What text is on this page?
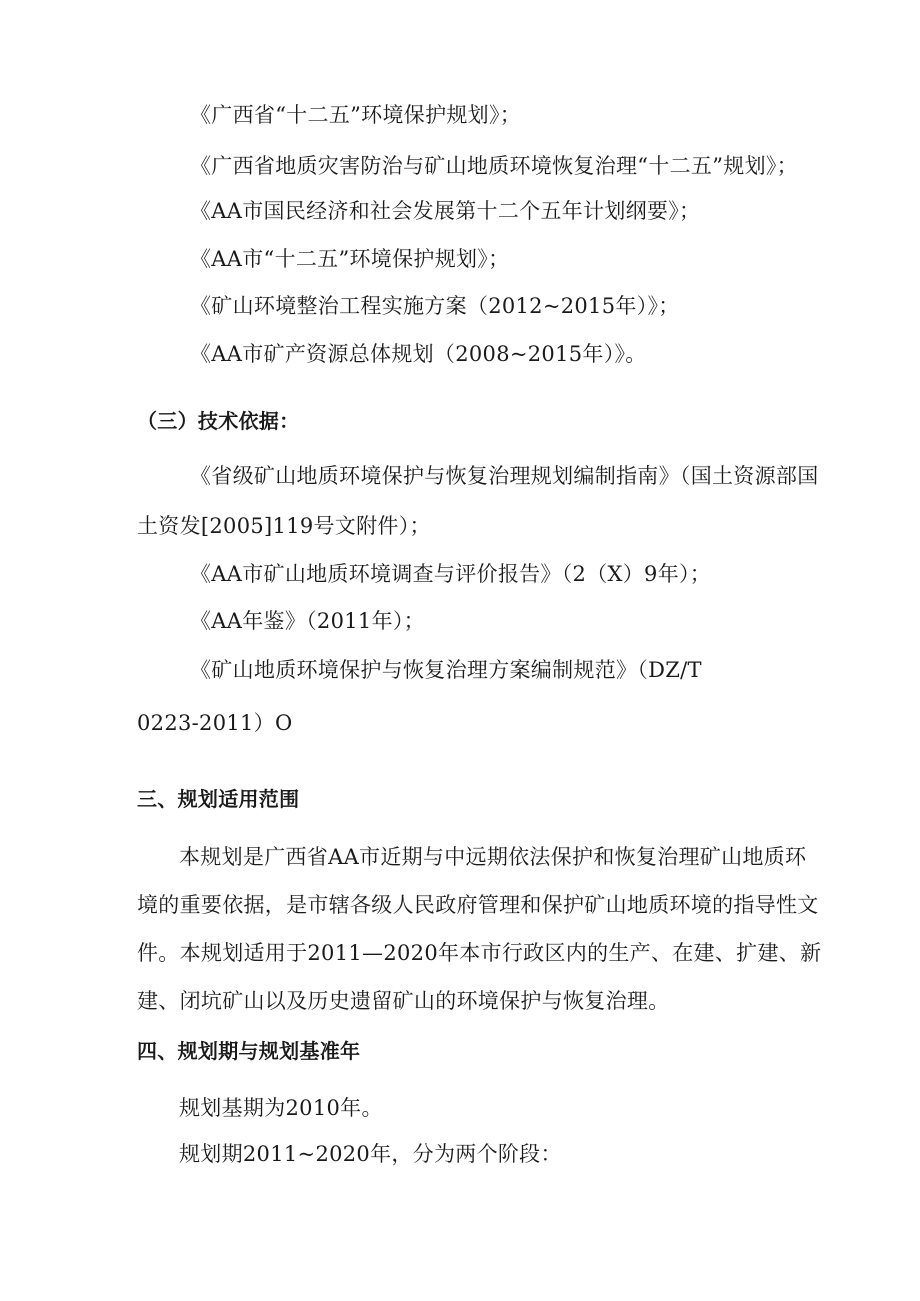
《广西省“十二五”环境保护规划》；
《广西省地质灾害防治与矿山地质环境恢复治理“十二五”规划》；
《AA市国民经济和社会发展第十二个五年计划纲要》；
《AA市“十二五”环境保护规划》；
《矿山环境整治工程实施方案（2012~2015年）》；
《AA市矿产资源总体规划（2008~2015年）》。
（三）技术依据：
《省级矿山地质环境保护与恢复治理规划编制指南》（国土资源部国
土资发[2005]119号文附件）；
《AA市矿山地质环境调查与评价报告》（2（X）9年）；
《AA年鉴》（2011年）；
《矿山地质环境保护与恢复治理方案编制规范》（DZ/T
0223-2011）O
三、规划适用范围
本规划是广西省AA市近期与中远期依法保护和恢复治理矿山地质环
境的重要依据，是市辖各级人民政府管理和保护矿山地质环境的指导性文
件。本规划适用于2011—2020年本市行政区内的生产、在建、扩建、新
建、闭坑矿山以及历史遗留矿山的环境保护与恢复治理。
四、规划期与规划基准年
规划基期为2010年。
规划期2011~2020年，分为两个阶段：
